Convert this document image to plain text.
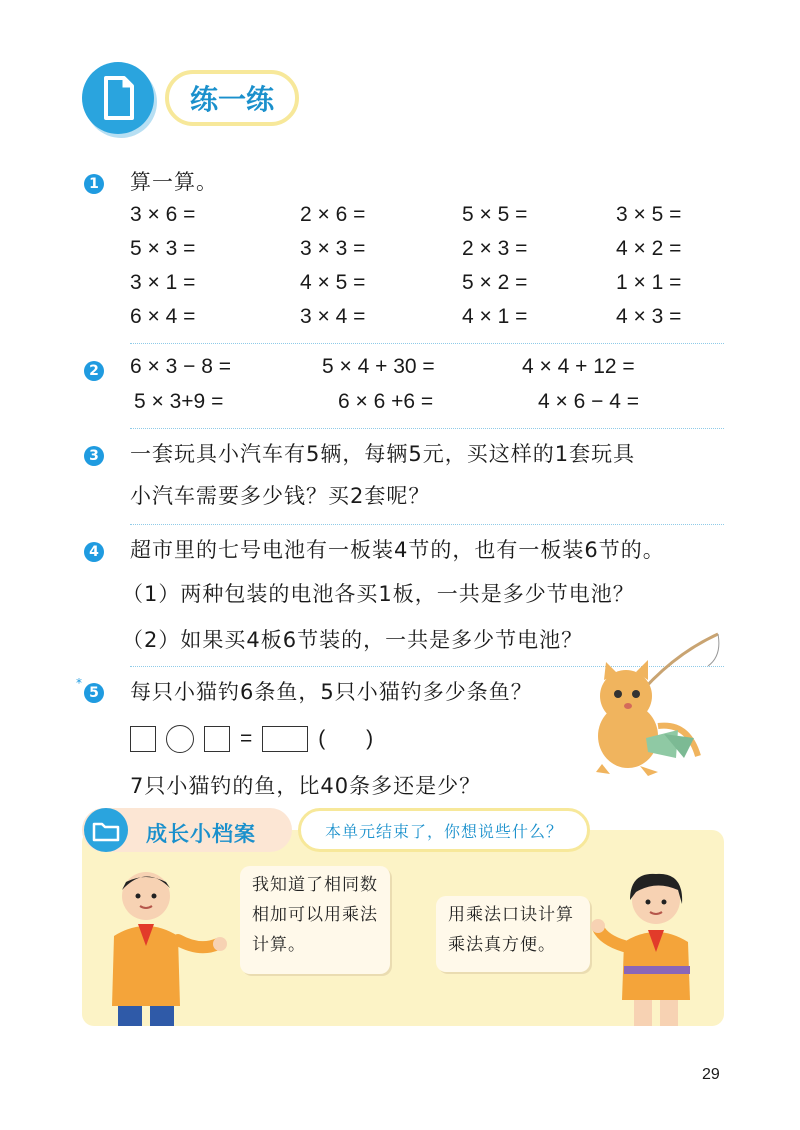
练一练
1 算一算。
3 × 6 =	2 × 6 =	5 × 5 =	3 × 5 =
5 × 3 =	3 × 3 =	2 × 3 =	4 × 2 =
3 × 1 =	4 × 5 =	5 × 2 =	1 × 1 =
6 × 4 =	3 × 4 =	4 × 1 =	4 × 3 =
2 6 × 3 − 8 =	5 × 4 + 30 =	4 × 4 + 12 =
5 × 3+9 =	6 × 6 +6 =	4 × 6 − 4 =
3 一套玩具小汽车有5辆，每辆5元，买这样的1套玩具
小汽车需要多少钱？买2套呢？
4 超市里的七号电池有一板装4节的，也有一板装6节的。
（1）两种包装的电池各买1板，一共是多少节电池？
（2）如果买4板6节装的，一共是多少节电池？
*
5 每只小猫钓6条鱼，5只小猫钓多少条鱼？
=	(       )
7只小猫钓的鱼，比40条多还是少？
成长小档案	本单元结束了，你想说些什么？
我知道了相同数
相加可以用乘法
计算。
用乘法口诀计算
乘法真方便。
29
